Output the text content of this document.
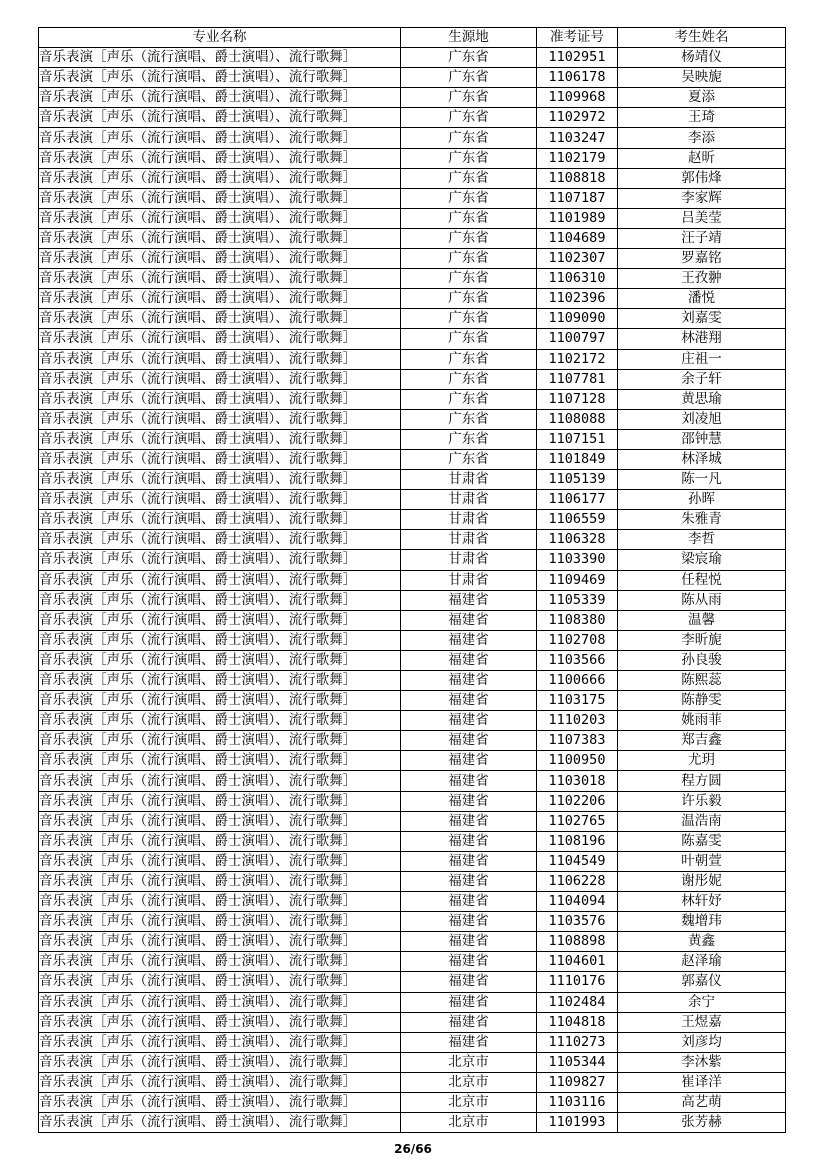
专业名称	生源地	准考证号	考生姓名
音乐表演［声乐（流行演唱、爵士演唱）、流行歌舞］	广东省	1102951	杨靖仪
音乐表演［声乐（流行演唱、爵士演唱）、流行歌舞］	广东省	1106178	吴映旎
音乐表演［声乐（流行演唱、爵士演唱）、流行歌舞］	广东省	1109968	夏添
音乐表演［声乐（流行演唱、爵士演唱）、流行歌舞］	广东省	1102972	王琦
音乐表演［声乐（流行演唱、爵士演唱）、流行歌舞］	广东省	1103247	李添
音乐表演［声乐（流行演唱、爵士演唱）、流行歌舞］	广东省	1102179	赵昕
音乐表演［声乐（流行演唱、爵士演唱）、流行歌舞］	广东省	1108818	郭伟烽
音乐表演［声乐（流行演唱、爵士演唱）、流行歌舞］	广东省	1107187	李家辉
音乐表演［声乐（流行演唱、爵士演唱）、流行歌舞］	广东省	1101989	吕美莹
音乐表演［声乐（流行演唱、爵士演唱）、流行歌舞］	广东省	1104689	汪子靖
音乐表演［声乐（流行演唱、爵士演唱）、流行歌舞］	广东省	1102307	罗嘉铭
音乐表演［声乐（流行演唱、爵士演唱）、流行歌舞］	广东省	1106310	王孜翀
音乐表演［声乐（流行演唱、爵士演唱）、流行歌舞］	广东省	1102396	潘悦
音乐表演［声乐（流行演唱、爵士演唱）、流行歌舞］	广东省	1109090	刘嘉雯
音乐表演［声乐（流行演唱、爵士演唱）、流行歌舞］	广东省	1100797	林港翔
音乐表演［声乐（流行演唱、爵士演唱）、流行歌舞］	广东省	1102172	庄祖一
音乐表演［声乐（流行演唱、爵士演唱）、流行歌舞］	广东省	1107781	余子轩
音乐表演［声乐（流行演唱、爵士演唱）、流行歌舞］	广东省	1107128	黄思瑜
音乐表演［声乐（流行演唱、爵士演唱）、流行歌舞］	广东省	1108088	刘凌旭
音乐表演［声乐（流行演唱、爵士演唱）、流行歌舞］	广东省	1107151	邵钟慧
音乐表演［声乐（流行演唱、爵士演唱）、流行歌舞］	广东省	1101849	林泽城
音乐表演［声乐（流行演唱、爵士演唱）、流行歌舞］	甘肃省	1105139	陈一凡
音乐表演［声乐（流行演唱、爵士演唱）、流行歌舞］	甘肃省	1106177	孙晖
音乐表演［声乐（流行演唱、爵士演唱）、流行歌舞］	甘肃省	1106559	朱雅青
音乐表演［声乐（流行演唱、爵士演唱）、流行歌舞］	甘肃省	1106328	李哲
音乐表演［声乐（流行演唱、爵士演唱）、流行歌舞］	甘肃省	1103390	梁宸瑜
音乐表演［声乐（流行演唱、爵士演唱）、流行歌舞］	甘肃省	1109469	任程悦
音乐表演［声乐（流行演唱、爵士演唱）、流行歌舞］	福建省	1105339	陈从雨
音乐表演［声乐（流行演唱、爵士演唱）、流行歌舞］	福建省	1108380	温馨
音乐表演［声乐（流行演唱、爵士演唱）、流行歌舞］	福建省	1102708	李昕旎
音乐表演［声乐（流行演唱、爵士演唱）、流行歌舞］	福建省	1103566	孙良骏
音乐表演［声乐（流行演唱、爵士演唱）、流行歌舞］	福建省	1100666	陈熙蕊
音乐表演［声乐（流行演唱、爵士演唱）、流行歌舞］	福建省	1103175	陈静雯
音乐表演［声乐（流行演唱、爵士演唱）、流行歌舞］	福建省	1110203	姚雨菲
音乐表演［声乐（流行演唱、爵士演唱）、流行歌舞］	福建省	1107383	郑吉鑫
音乐表演［声乐（流行演唱、爵士演唱）、流行歌舞］	福建省	1100950	尤玥
音乐表演［声乐（流行演唱、爵士演唱）、流行歌舞］	福建省	1103018	程方圆
音乐表演［声乐（流行演唱、爵士演唱）、流行歌舞］	福建省	1102206	许乐毅
音乐表演［声乐（流行演唱、爵士演唱）、流行歌舞］	福建省	1102765	温浩南
音乐表演［声乐（流行演唱、爵士演唱）、流行歌舞］	福建省	1108196	陈嘉雯
音乐表演［声乐（流行演唱、爵士演唱）、流行歌舞］	福建省	1104549	叶朝萱
音乐表演［声乐（流行演唱、爵士演唱）、流行歌舞］	福建省	1106228	谢彤妮
音乐表演［声乐（流行演唱、爵士演唱）、流行歌舞］	福建省	1104094	林轩妤
音乐表演［声乐（流行演唱、爵士演唱）、流行歌舞］	福建省	1103576	魏增玮
音乐表演［声乐（流行演唱、爵士演唱）、流行歌舞］	福建省	1108898	黄鑫
音乐表演［声乐（流行演唱、爵士演唱）、流行歌舞］	福建省	1104601	赵泽瑜
音乐表演［声乐（流行演唱、爵士演唱）、流行歌舞］	福建省	1110176	郭嘉仪
音乐表演［声乐（流行演唱、爵士演唱）、流行歌舞］	福建省	1102484	余宁
音乐表演［声乐（流行演唱、爵士演唱）、流行歌舞］	福建省	1104818	王煜嘉
音乐表演［声乐（流行演唱、爵士演唱）、流行歌舞］	福建省	1110273	刘彦均
音乐表演［声乐（流行演唱、爵士演唱）、流行歌舞］	北京市	1105344	李沐紫
音乐表演［声乐（流行演唱、爵士演唱）、流行歌舞］	北京市	1109827	崔译洋
音乐表演［声乐（流行演唱、爵士演唱）、流行歌舞］	北京市	1103116	高艺萌
音乐表演［声乐（流行演唱、爵士演唱）、流行歌舞］	北京市	1101993	张芳赫
26/66
